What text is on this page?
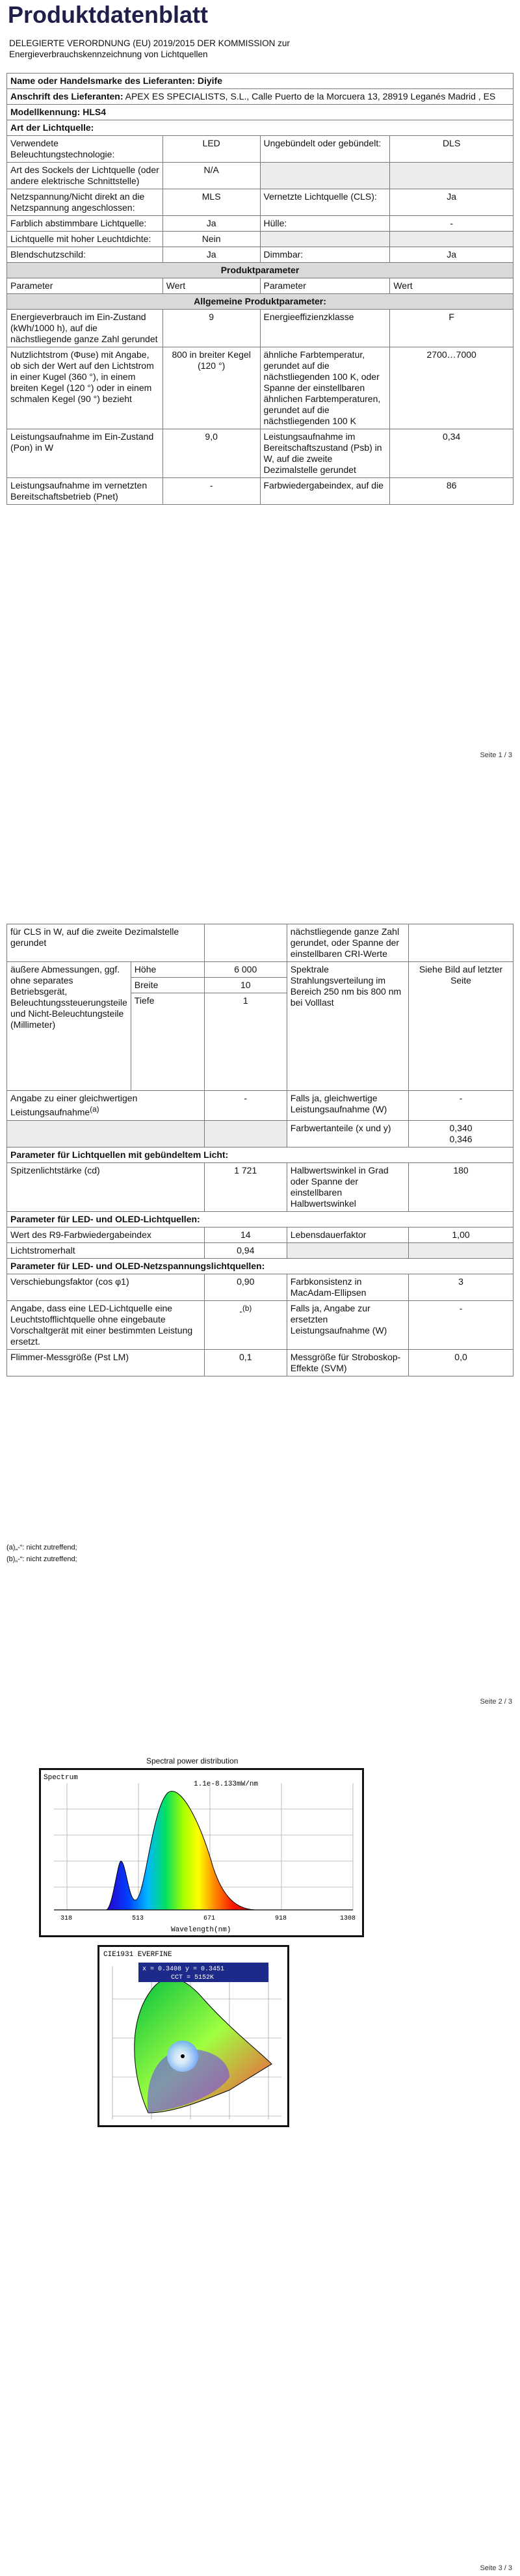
Produktdatenblatt
DELEGIERTE VERORDNUNG (EU) 2019/2015 DER KOMMISSION zur Energieverbrauchskennzeichnung von Lichtquellen
Name oder Handelsmarke des Lieferanten: Diyife			
Anschrift des Lieferanten: APEX ES SPECIALISTS, S.L., Calle Puerto de la Morcuera 13, 28919 Leganés Madrid , ES			
Modellkennung: HLS4			
Art der Lichtquelle:			
Verwendete Beleuchtungstechnologie:	LED	Ungebündelt oder gebündelt:	DLS
Art des Sockels der Lichtquelle (oder andere elektrische Schnittstelle)	N/A		
Netzspannung/Nicht direkt an die Netzspannung angeschlossen:	MLS	Vernetzte Lichtquelle (CLS):	Ja
Farblich abstimmbare Lichtquelle:	Ja	Hülle:	-
Lichtquelle mit hoher Leuchtdichte:	Nein		
Blendschutzschild:	Ja	Dimmbar:	Ja
Produktparameter			
Parameter	Wert	Parameter	Wert
Allgemeine Produktparameter:			
Energieverbrauch im Ein-Zustand (kWh/1000 h), auf die nächstliegende ganze Zahl gerundet	9	Energieeffizienzklasse	F
Nutzlichtstrom (Φuse) mit Angabe, ob sich der Wert auf den Lichtstrom in einer Kugel (360 °), in einem breiten Kegel (120 °) oder in einem schmalen Kegel (90 °) bezieht	800 in breiter Kegel (120 °)	ähnliche Farbtemperatur, gerundet auf die nächstliegenden 100 K, oder Spanne der einstellbaren ähnlichen Farbtemperaturen, gerundet auf die nächstliegenden 100 K	2700…7000
Leistungsaufnahme im Ein-Zustand (Pon) in W	9,0	Leistungsaufnahme im Bereitschaftszustand (Psb) in W, auf die zweite Dezimalstelle gerundet	0,34
Leistungsaufnahme im vernetzten Bereitschaftsbetrieb (Pnet)	-	Farbwiedergabeindex, auf die	86
Seite 1 / 3
für CLS in W, auf die zweite Dezimalstelle gerundet			nächstliegende ganze Zahl gerundet, oder Spanne der einstellbaren CRI-Werte	
äußere Abmessungen, ggf. ohne separates Betriebsgerät, Beleuchtungssteuerungsteile und Nicht-Beleuchtungsteile (Millimeter)	Höhe	6 000	Spektrale Strahlungsverteilung im Bereich 250 nm bis 800 nm bei Volllast	Siehe Bild auf letzter Seite
	Breite	10		
	Tiefe	1		
Angabe zu einer gleichwertigen Leistungsaufnahme$^{(a)}$		-	Falls ja, gleichwertige Leistungsaufnahme (W)	-
			Farbwertanteile (x und y)	0,340
0,346
Parameter für Lichtquellen mit gebündeltem Licht:				
Spitzenlichtstärke (cd)		1 721	Halbwertswinkel in Grad oder Spanne der einstellbaren Halbwertswinkel	180
Parameter für LED- und OLED-Lichtquellen:				
Wert des R9-Farbwiedergabeindex		14	Lebensdauerfaktor	1,00
Lichtstromerhalt		0,94		
Parameter für LED- und OLED-Netzspannungslichtquellen:				
Verschiebungsfaktor (cos φ1)		0,90	Farbkonsistenz in MacAdam-Ellipsen	3
Angabe, dass eine LED-Lichtquelle eine Leuchtstofflichtquelle ohne eingebaute Vorschaltgerät mit einer bestimmten Leistung ersetzt.		-$^{(b)}$	Falls ja, Angabe zur ersetzten Leistungsaufnahme (W)	-
Flimmer-Messgröße (Pst LM)		0,1	Messgröße für Stroboskop-Effekte (SVM)	0,0
(a)„-“: nicht zutreffend;
(b)„-“: nicht zutreffend;
Seite 2 / 3
Spectral power distribution
Spectrum
1.1e-8.133mW/nm
318	513	671	918	1308
Wavelength(nm)
CIE1931 EVERFINE
x = 0.3408 y = 0.3451
CCT = 5152K
Seite 3 / 3
